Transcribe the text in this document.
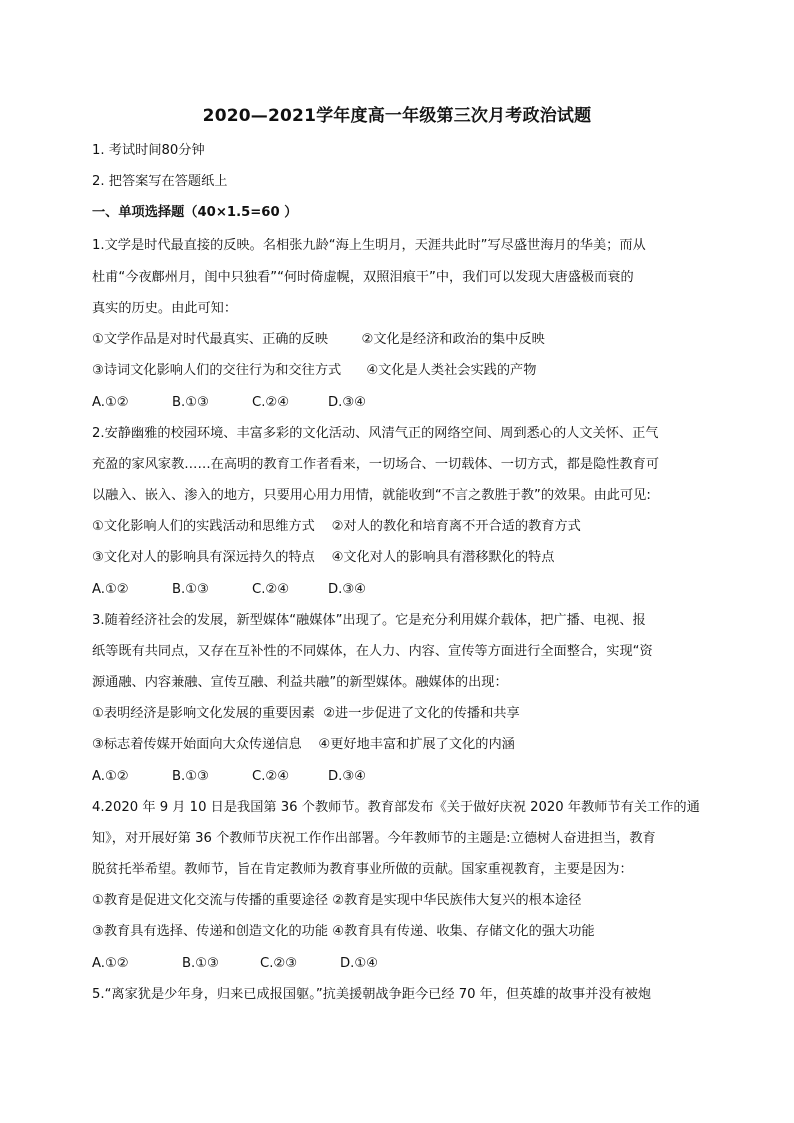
2020—2021学年度高一年级第三次月考政治试题
1. 考试时间80分钟
2. 把答案写在答题纸上
一、单项选择题（40×1.5=60 ）
1.文学是时代最直接的反映。名相张九龄“海上生明月，天涯共此时”写尽盛世海月的华美；而从
杜甫“今夜鄜州月，闺中只独看”“何时倚虚幌，双照泪痕干”中，我们可以发现大唐盛极而衰的
真实的历史。由此可知：
①文学作品是对时代最真实、正确的反映        ②文化是经济和政治的集中反映
③诗词文化影响人们的交往行为和交往方式      ④文化是人类社会实践的产物
A.①②	B.①③	C.②④	D.③④
2.安静幽雅的校园环境、丰富多彩的文化活动、风清气正的网络空间、周到悉心的人文关怀、正气
充盈的家风家教……在高明的教育工作者看来，一切场合、一切载体、一切方式，都是隐性教育可
以融入、嵌入、渗入的地方，只要用心用力用情，就能收到“不言之教胜于教”的效果。由此可见:
①文化影响人们的实践活动和思维方式    ②对人的教化和培育离不开合适的教育方式
③文化对人的影响具有深远持久的特点    ④文化对人的影响具有潜移默化的特点
A.①②	B.①③	C.②④	D.③④
3.随着经济社会的发展，新型媒体“融媒体”出现了。它是充分利用媒介载体，把广播、电视、报
纸等既有共同点，又存在互补性的不同媒体，在人力、内容、宣传等方面进行全面整合，实现“资
源通融、内容兼融、宣传互融、利益共融”的新型媒体。融媒体的出现：
①表明经济是影响文化发展的重要因素  ②进一步促进了文化的传播和共享
③标志着传媒开始面向大众传递信息    ④更好地丰富和扩展了文化的内涵
A.①②	B.①③	C.②④	D.③④
4.2020 年 9 月 10 日是我国第 36 个教师节。教育部发布《关于做好庆祝 2020 年教师节有关工作的通
知》，对开展好第 36 个教师节庆祝工作作出部署。今年教师节的主题是:立德树人奋进担当，教育
脱贫托举希望。教师节，旨在肯定教师为教育事业所做的贡献。国家重视教育，主要是因为：
①教育是促进文化交流与传播的重要途径 ②教育是实现中华民族伟大复兴的根本途径
③教育具有选择、传递和创造文化的功能 ④教育具有传递、收集、存储文化的强大功能
A.①②	B.①③	C.②③	D.①④
5.“离家犹是少年身，归来已成报国躯。”抗美援朝战争距今已经 70 年，但英雄的故事并没有被炮
